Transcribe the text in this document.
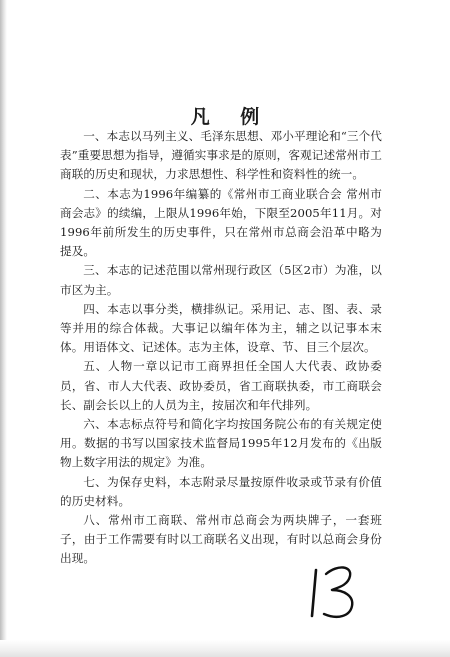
凡 例

一、本志以马列主义、毛泽东思想、邓小平理论和“三个代表”重要思想为指导，遵循实事求是的原则，客观记述常州市工商联的历史和现状，力求思想性、科学性和资料性的统一。

二、本志为1996年编纂的《常州市工商业联合会 常州市商会志》的续编，上限从1996年始，下限至2005年11月。对1996年前所发生的历史事件，只在常州市总商会沿革中略为提及。

三、本志的记述范围以常州现行政区（5区2市）为准，以市区为主。

四、本志以事分类，横排纵记。采用记、志、图、表、录等并用的综合体裁。大事记以编年体为主，辅之以记事本末体。用语体文、记述体。志为主体，设章、节、目三个层次。

五、人物一章以记市工商界担任全国人大代表、政协委员，省、市人大代表、政协委员，省工商联执委，市工商联会长、副会长以上的人员为主，按届次和年代排列。

六、本志标点符号和简化字均按国务院公布的有关规定使用。数据的书写以国家技术监督局1995年12月发布的《出版物上数字用法的规定》为准。

七、为保存史料，本志附录尽量按原件收录或节录有价值的历史材料。

八、常州市工商联、常州市总商会为两块牌子，一套班子，由于工作需要有时以工商联名义出现，有时以总商会身份出现。
